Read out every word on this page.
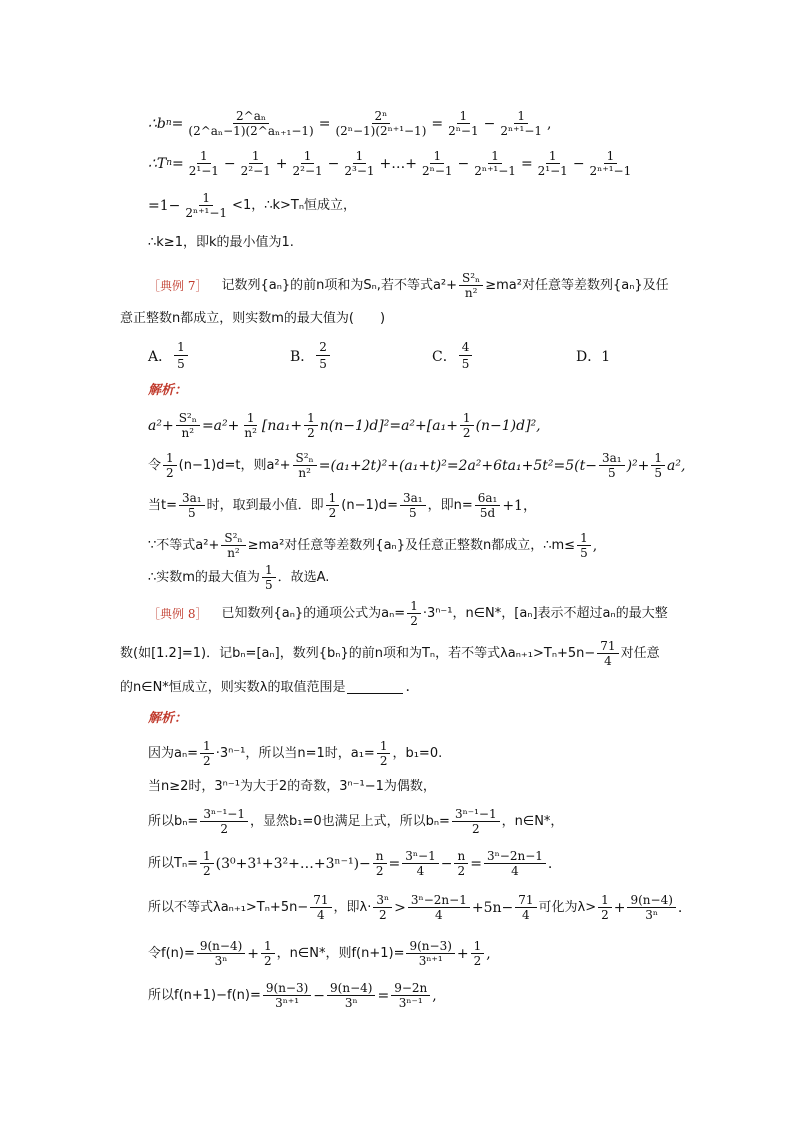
∴b $n = \frac{\text{2\textasciicircum{}aₙ}}{\text{(2\textasciicircum{}aₙ−1)(2\textasciicircum{}aₙ₊₁−1)}} = \frac{\text{2ⁿ}}{\text{(2ⁿ−1)(2ⁿ⁺¹−1)}} = \frac{1}{\text{2ⁿ−1}} - \frac{1}{\text{2ⁿ⁺¹−1}}$ ,
∴T $n = \frac{1}{\text{2¹−1}} - \frac{1}{\text{2²−1}} + \frac{1}{\text{2²−1}} - \frac{1}{\text{2³−1}}$ +…+ $\frac{1}{\text{2ⁿ−1}} - \frac{1}{\text{2ⁿ⁺¹−1}} = \frac{1}{\text{2¹−1}} - \frac{1}{\text{2ⁿ⁺¹−1}}$
$=1- \frac{1}{\text{2ⁿ⁺¹−1}} <1$，∴k>Tₙ恒成立，
∴k≥1，即k的最小值为1.
［典例 7］ 记数列{aₙ}的前n项和为Sₙ,若不等式$a^2+ \frac{\text{S²ₙ}}{\text{n²}} \ge ma^2$对任意等差数列{aₙ}及任
意正整数n都成立，则实数m的最大值为(　　)
A． $\frac{1}{5}$	B． $\frac{2}{5}$	C． $\frac{4}{5}$	D．1
解析：
$a^2+ \frac{\text{S²ₙ}}{\text{n²}} =a^2+ \frac{1}{\text{n²}} [na_1+ \frac{1}{2} n(n-1)d]^2=a^2+[a_1+ \frac{1}{2} (n-1)d]^2$,
令 $\frac{1}{2} (n-1)d=t$，则$a^2+ \frac{\text{S²ₙ}}{\text{n²}} =(a_1+2t)^2+(a_1+t)^2=2a^2+6ta_1+5t^2=5(t- \frac{\text{3a₁}}{5} )^2+ \frac{1}{5} a^2$,
当$t= \frac{\text{3a₁}}{5}$ 时，取到最小值．即 $\frac{1}{2} (n-1)d= \frac{\text{3a₁}}{5}$ ，即$n= \frac{\text{6a₁}}{5d} +1$，
∵不等式$a^2+ \frac{\text{S²ₙ}}{\text{n²}} \ge ma^2$对任意等差数列{aₙ}及任意正整数n都成立，∴m≤ $\frac{1}{5}$ ,
∴实数m的最大值为 $\frac{1}{5}$ ．故选A.
［典例 8］ 已知数列{aₙ}的通项公式为$a_n= \frac{1}{2} \cdot 3^{n-1}$，n∈N*，[aₙ]表示不超过aₙ的最大整
数(如[1.2]=1)．记bₙ=[aₙ]，数列{bₙ}的前n项和为Tₙ，若不等式$\lambda a_{n+1}>T_n+5n- \frac{71}{4}$ 对任意
的n∈N*恒成立，则实数λ的取值范围是	.
解析：
因为$a_n= \frac{1}{2} \cdot 3^{n-1}$，所以当n=1时，$a_1= \frac{1}{2}$ ，b₁=0.
当n≥2时，3ⁿ⁻¹为大于2的奇数，3ⁿ⁻¹−1为偶数，
所以$b_n= \frac{\text{3ⁿ⁻¹−1}}{2}$ ，显然b₁=0也满足上式，所以$b_n= \frac{\text{3ⁿ⁻¹−1}}{2}$ ，n∈N*，
所以$T_n= \frac{1}{2}$ (3⁰+3¹+3²+…+3ⁿ⁻¹)− $\frac{n}{2} = \frac{\text{3ⁿ−1}}{4} - \frac{n}{2} = \frac{\text{3ⁿ−2n−1}}{4}$ .
所以不等式$\lambda a_{n+1}>T_n+5n- \frac{71}{4}$ ，即$\lambda\cdot \frac{\text{3ⁿ}}{2} > \frac{\text{3ⁿ−2n−1}}{4} +5n- \frac{71}{4}$ 可化为$\lambda> \frac{1}{2} + \frac{9(n-4)}{\text{3ⁿ}}$ .
令$f(n)= \frac{9(n-4)}{\text{3ⁿ}} + \frac{1}{2}$ ，n∈N*，则$f(n+1)= \frac{9(n-3)}{\text{3ⁿ⁺¹}} + \frac{1}{2}$ ,
所以$f(n+1)-f(n)= \frac{9(n-3)}{\text{3ⁿ⁺¹}} - \frac{9(n-4)}{\text{3ⁿ}} = \frac{9-2n}{\text{3ⁿ⁻¹}}$ ,
